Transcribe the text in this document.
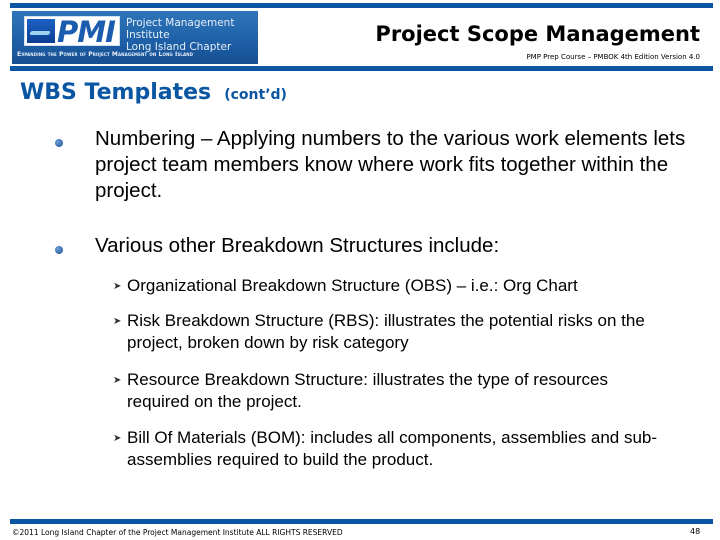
PMI Project Management Institute
Long Island Chapter
Expanding the Power of Project Management on Long Island
Project Scope Management
PMP Prep Course – PMBOK 4th Edition Version 4.0
WBS Templates (cont’d)
Numbering – Applying numbers to the various work elements lets project team members know where work fits together within the project.
Various other Breakdown Structures include:
➤ Organizational Breakdown Structure (OBS) – i.e.: Org Chart
➤ Risk Breakdown Structure (RBS): illustrates the potential risks on the project, broken down by risk category
➤ Resource Breakdown Structure: illustrates the type of resources required on the project.
➤ Bill Of Materials (BOM): includes all components, assemblies and sub-assemblies required to build the product.
©2011 Long Island Chapter of the Project Management Institute ALL RIGHTS RESERVED	48
